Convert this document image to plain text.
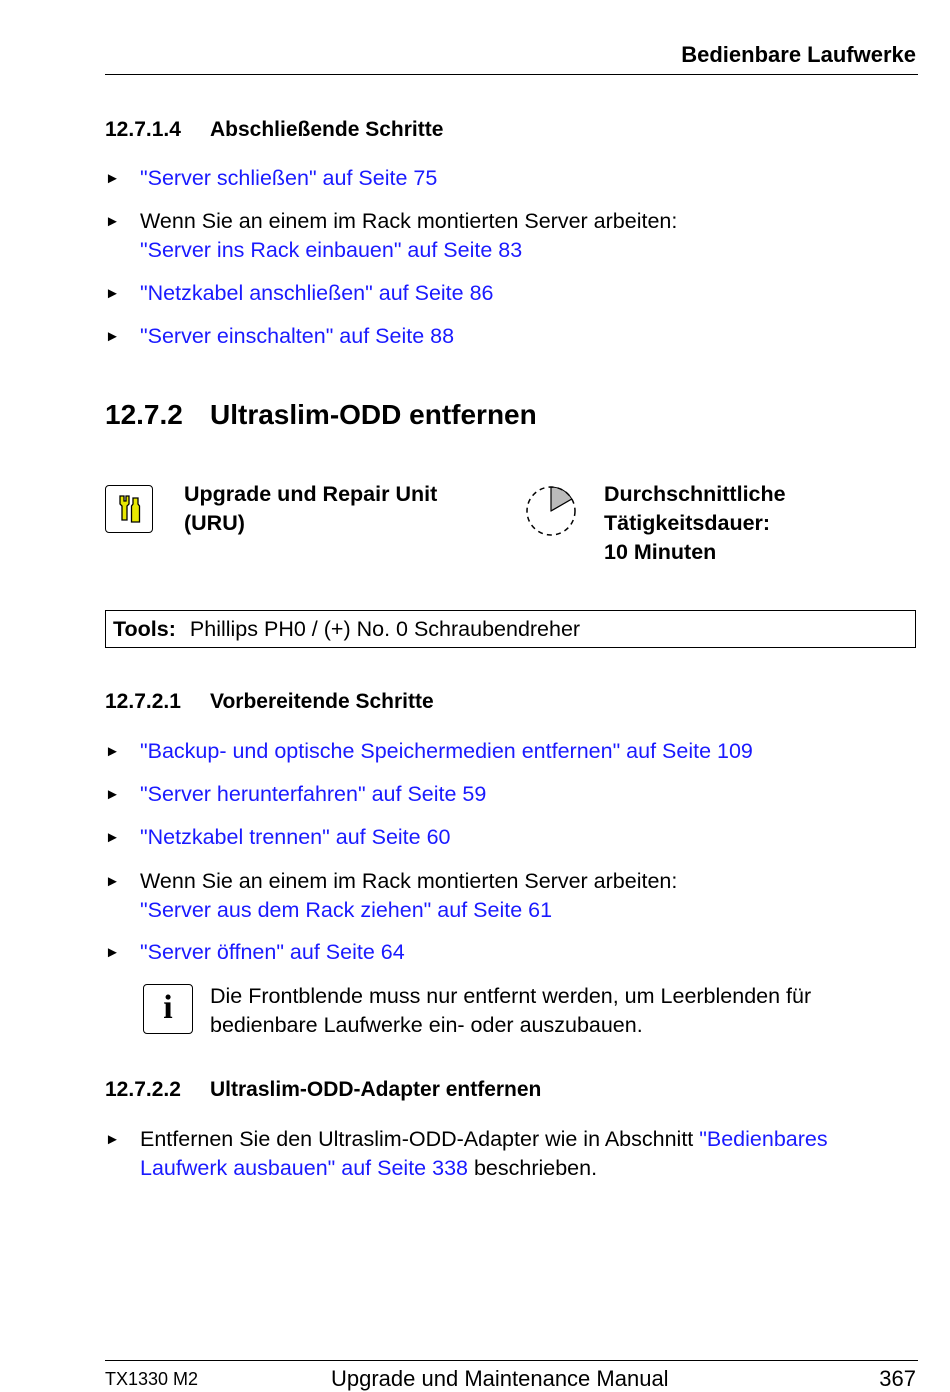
Bedienbare Laufwerke
12.7.1.4 Abschließende Schritte
► "Server schließen" auf Seite 75
► Wenn Sie an einem im Rack montierten Server arbeiten:
"Server ins Rack einbauen" auf Seite 83
► "Netzkabel anschließen" auf Seite 86
► "Server einschalten" auf Seite 88
12.7.2 Ultraslim-ODD entfernen
Upgrade und Repair Unit
(URU)
Durchschnittliche
Tätigkeitsdauer:
10 Minuten
Tools: Phillips PH0 / (+) No. 0 Schraubendreher
12.7.2.1 Vorbereitende Schritte
► "Backup- und optische Speichermedien entfernen" auf Seite 109
► "Server herunterfahren" auf Seite 59
► "Netzkabel trennen" auf Seite 60
► Wenn Sie an einem im Rack montierten Server arbeiten:
"Server aus dem Rack ziehen" auf Seite 61
► "Server öffnen" auf Seite 64
i	Die Frontblende muss nur entfernt werden, um Leerblenden für bedienbare Laufwerke ein- oder auszubauen.
12.7.2.2 Ultraslim-ODD-Adapter entfernen
► Entfernen Sie den Ultraslim-ODD-Adapter wie in Abschnitt "Bedienbares Laufwerk ausbauen" auf Seite 338 beschrieben.
TX1330 M2	Upgrade und Maintenance Manual	367
